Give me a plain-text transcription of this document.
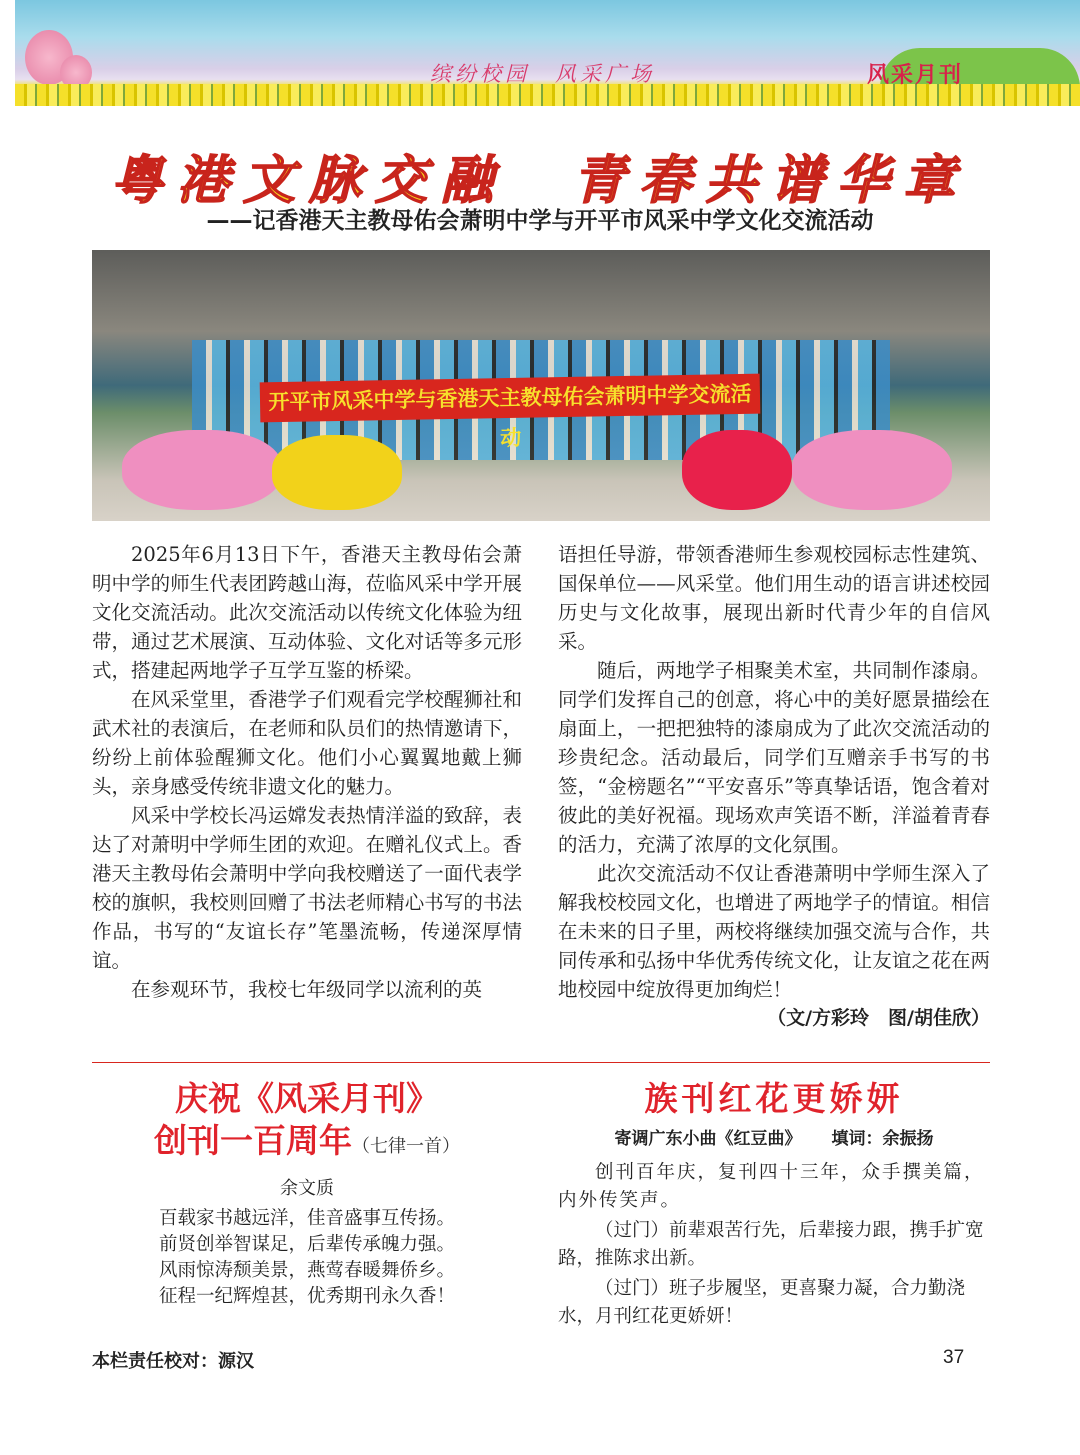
缤纷校园　风采广场	风采月刊
粤港文脉交融　青春共谱华章
——记香港天主教母佑会萧明中学与开平市风采中学文化交流活动
开平市风采中学与香港天主教母佑会萧明中学交流活动

2025年6月13日下午，香港天主教母佑会萧明中学的师生代表团跨越山海，莅临风采中学开展文化交流活动。此次交流活动以传统文化体验为纽带，通过艺术展演、互动体验、文化对话等多元形式，搭建起两地学子互学互鉴的桥梁。

在风采堂里，香港学子们观看完学校醒狮社和武术社的表演后，在老师和队员们的热情邀请下，纷纷上前体验醒狮文化。他们小心翼翼地戴上狮头，亲身感受传统非遗文化的魅力。

风采中学校长冯运嫦发表热情洋溢的致辞，表达了对萧明中学师生团的欢迎。在赠礼仪式上。香港天主教母佑会萧明中学向我校赠送了一面代表学校的旗帜，我校则回赠了书法老师精心书写的书法作品，书写的“友谊长存”笔墨流畅，传递深厚情谊。

在参观环节，我校七年级同学以流利的英

语担任导游，带领香港师生参观校园标志性建筑、国保单位——风采堂。他们用生动的语言讲述校园历史与文化故事，展现出新时代青少年的自信风采。

随后，两地学子相聚美术室，共同制作漆扇。同学们发挥自己的创意，将心中的美好愿景描绘在扇面上，一把把独特的漆扇成为了此次交流活动的珍贵纪念。活动最后，同学们互赠亲手书写的书签，“金榜题名”“平安喜乐”等真挚话语，饱含着对彼此的美好祝福。现场欢声笑语不断，洋溢着青春的活力，充满了浓厚的文化氛围。

此次交流活动不仅让香港萧明中学师生深入了解我校校园文化，也增进了两地学子的情谊。相信在未来的日子里，两校将继续加强交流与合作，共同传承和弘扬中华优秀传统文化，让友谊之花在两地校园中绽放得更加绚烂！

（文/方彩玲　图/胡佳欣）

庆祝《风采月刊》
创刊一百周年（七律一首）
余文质
百载家书越远洋，佳音盛事互传扬。
前贤创举智谋足，后辈传承魄力强。
风雨惊涛颓美景，燕莺春暖舞侨乡。
征程一纪辉煌甚，优秀期刊永久香！
族刊红花更娇妍
寄调广东小曲《红豆曲》 填词：余振扬

创刊百年庆，复刊四十三年，众手撰美篇，内外传笑声。

（过门）前辈艰苦行先，后辈接力跟，携手扩宽路，推陈求出新。

（过门）班子步履坚，更喜聚力凝，合力勤浇水，月刊红花更娇妍！

本栏责任校对：源汉	37
